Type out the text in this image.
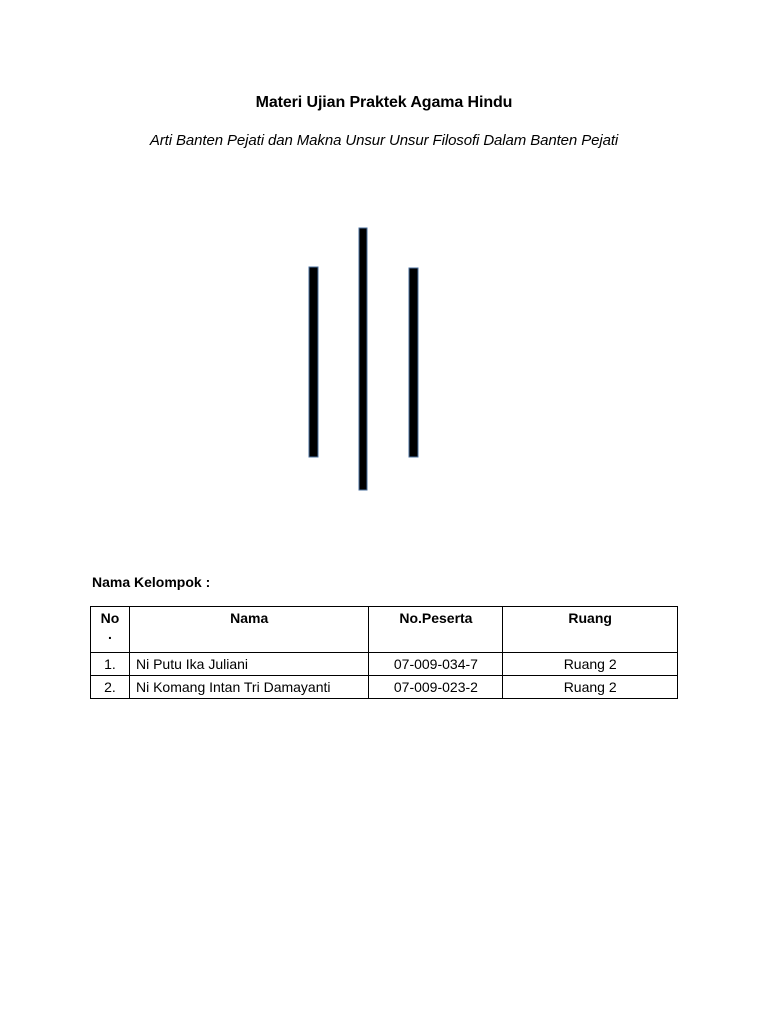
Materi Ujian Praktek Agama Hindu
Arti Banten Pejati dan Makna Unsur Unsur Filosofi Dalam Banten Pejati
Nama Kelompok :
No
.	Nama	No.Peserta	Ruang
1.	Ni Putu Ika Juliani	07-009-034-7	Ruang 2
2.	Ni Komang Intan Tri Damayanti	07-009-023-2	Ruang 2
